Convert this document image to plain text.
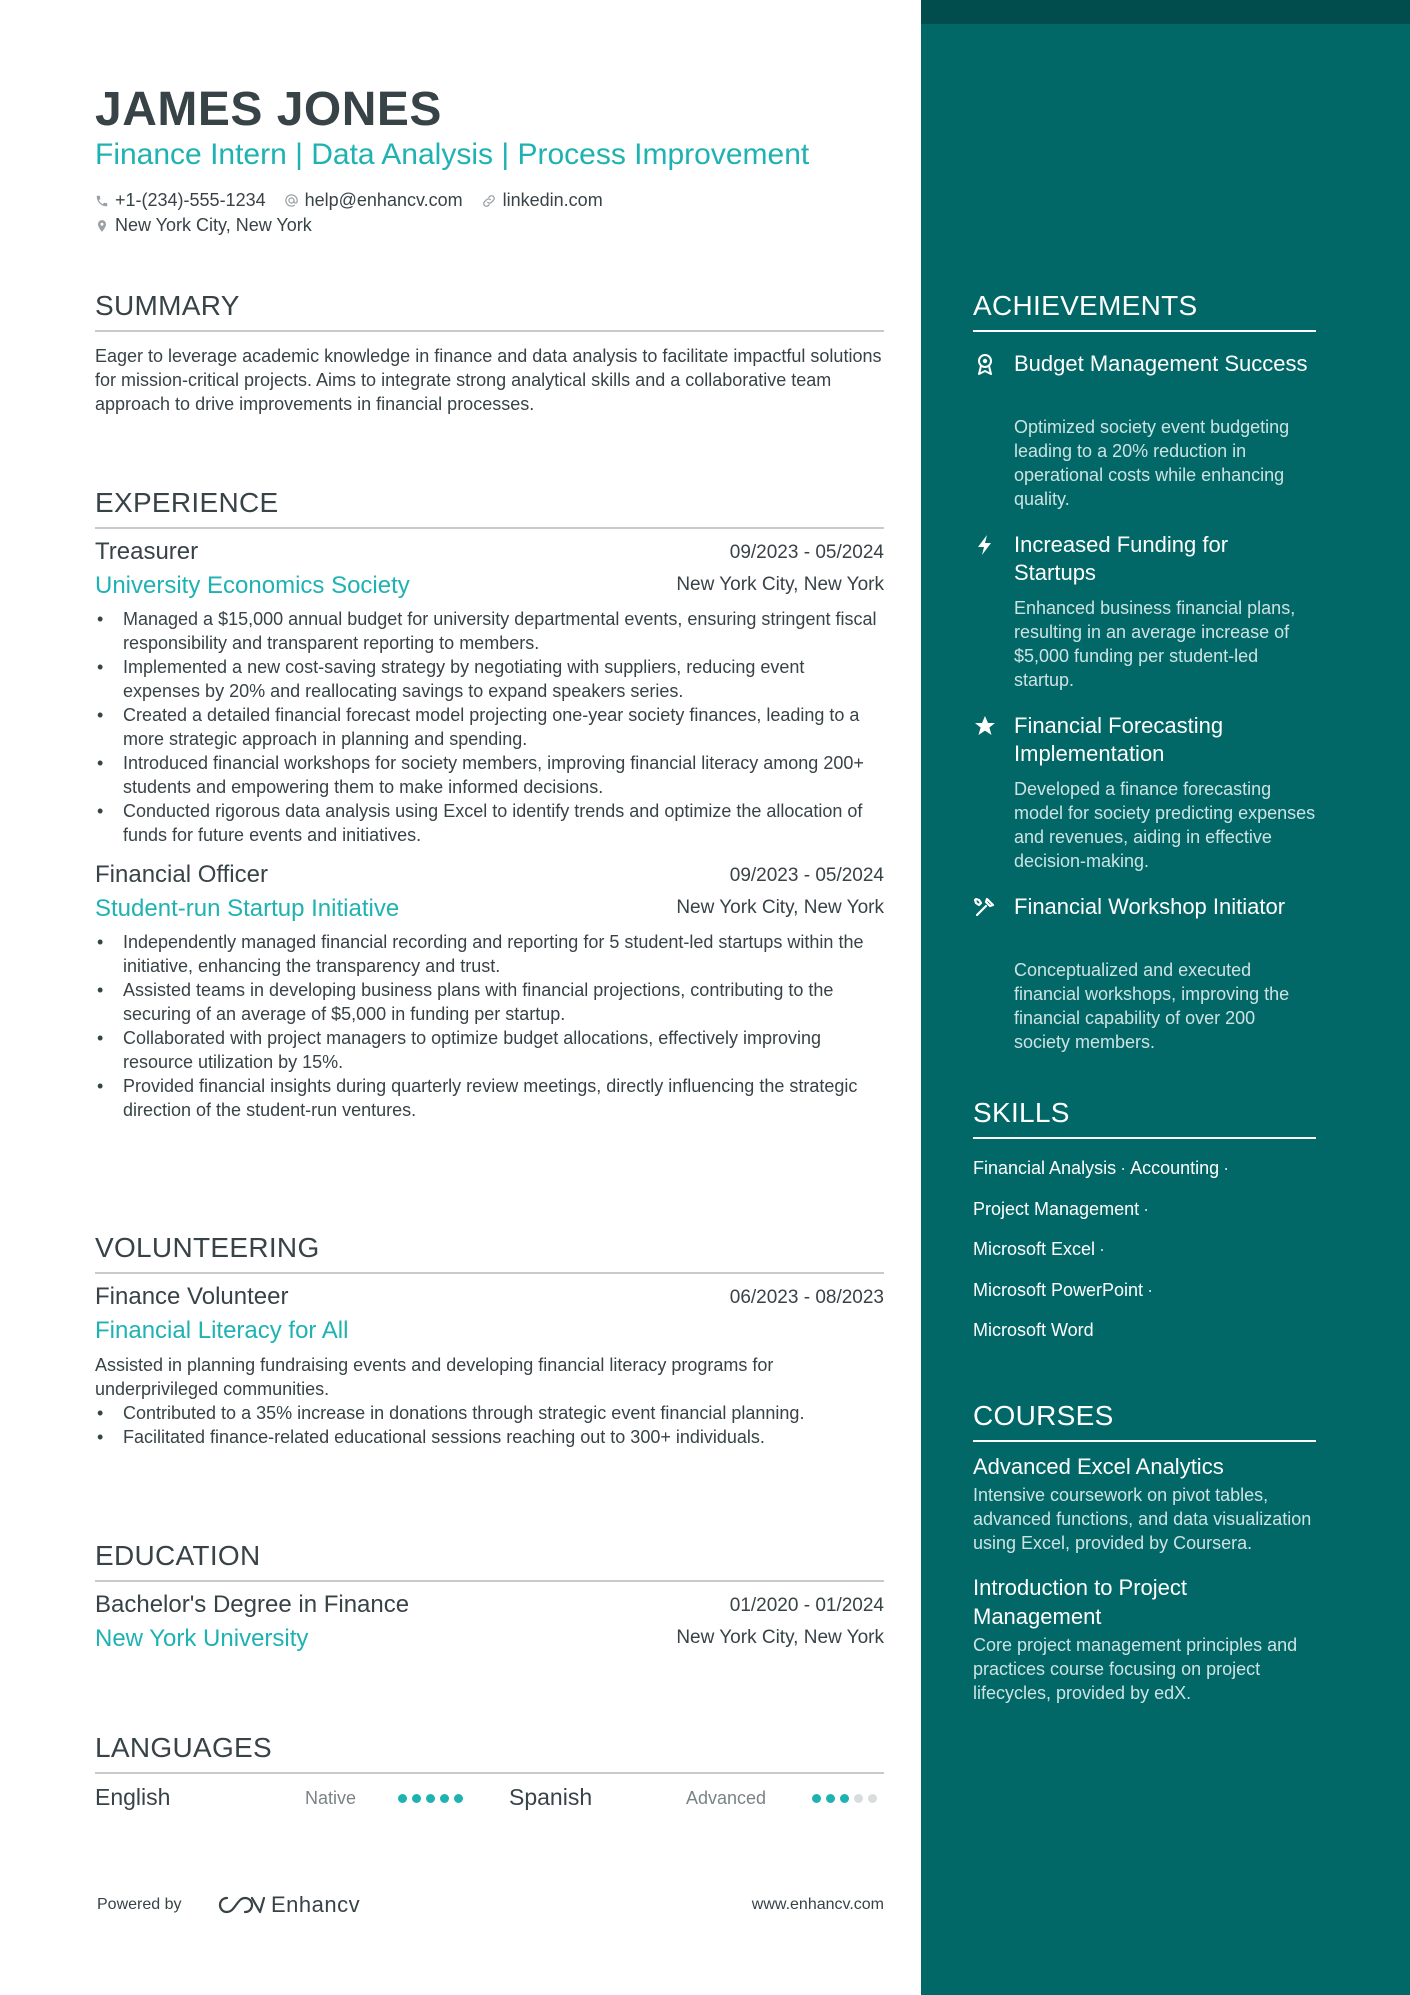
JAMES JONES
Finance Intern | Data Analysis | Process Improvement
+1-(234)-555-1234 help@enhancv.com linkedin.com
New York City, New York
SUMMARY

Eager to leverage academic knowledge in finance and data analysis to facilitate impactful solutions for mission-critical projects. Aims to integrate strong analytical skills and a collaborative team approach to drive improvements in financial processes.

EXPERIENCE
Treasurer	09/2023 - 05/2024
University Economics Society	New York City, New York
• Managed a $15,000 annual budget for university departmental events, ensuring stringent fiscal responsibility and transparent reporting to members.
• Implemented a new cost-saving strategy by negotiating with suppliers, reducing event expenses by 20% and reallocating savings to expand speakers series.
• Created a detailed financial forecast model projecting one-year society finances, leading to a more strategic approach in planning and spending.
• Introduced financial workshops for society members, improving financial literacy among 200+ students and empowering them to make informed decisions.
• Conducted rigorous data analysis using Excel to identify trends and optimize the allocation of funds for future events and initiatives.
Financial Officer	09/2023 - 05/2024
Student-run Startup Initiative	New York City, New York
• Independently managed financial recording and reporting for 5 student-led startups within the initiative, enhancing the transparency and trust.
• Assisted teams in developing business plans with financial projections, contributing to the securing of an average of $5,000 in funding per startup.
• Collaborated with project managers to optimize budget allocations, effectively improving resource utilization by 15%.
• Provided financial insights during quarterly review meetings, directly influencing the strategic direction of the student-run ventures.
VOLUNTEERING
Finance Volunteer	06/2023 - 08/2023
Financial Literacy for All

Assisted in planning fundraising events and developing financial literacy programs for underprivileged communities.

• Contributed to a 35% increase in donations through strategic event financial planning.
• Facilitated finance-related educational sessions reaching out to 300+ individuals.
EDUCATION
Bachelor's Degree in Finance	01/2020 - 01/2024
New York University	New York City, New York
LANGUAGES
English	Native	Spanish	Advanced
Powered by	Enhancv	www.enhancv.com
ACHIEVEMENTS
Budget Management Success
Optimized society event budgeting leading to a 20% reduction in operational costs while enhancing quality.
Increased Funding for Startups
Enhanced business financial plans, resulting in an average increase of $5,000 funding per student-led startup.
Financial Forecasting Implementation
Developed a finance forecasting model for society predicting expenses and revenues, aiding in effective decision-making.
Financial Workshop Initiator
Conceptualized and executed financial workshops, improving the financial capability of over 200 society members.
SKILLS
Financial Analysis · Accounting ·
Project Management ·
Microsoft Excel ·
Microsoft PowerPoint ·
Microsoft Word
COURSES
Advanced Excel Analytics
Intensive coursework on pivot tables, advanced functions, and data visualization using Excel, provided by Coursera.
Introduction to Project Management
Core project management principles and practices course focusing on project lifecycles, provided by edX.
